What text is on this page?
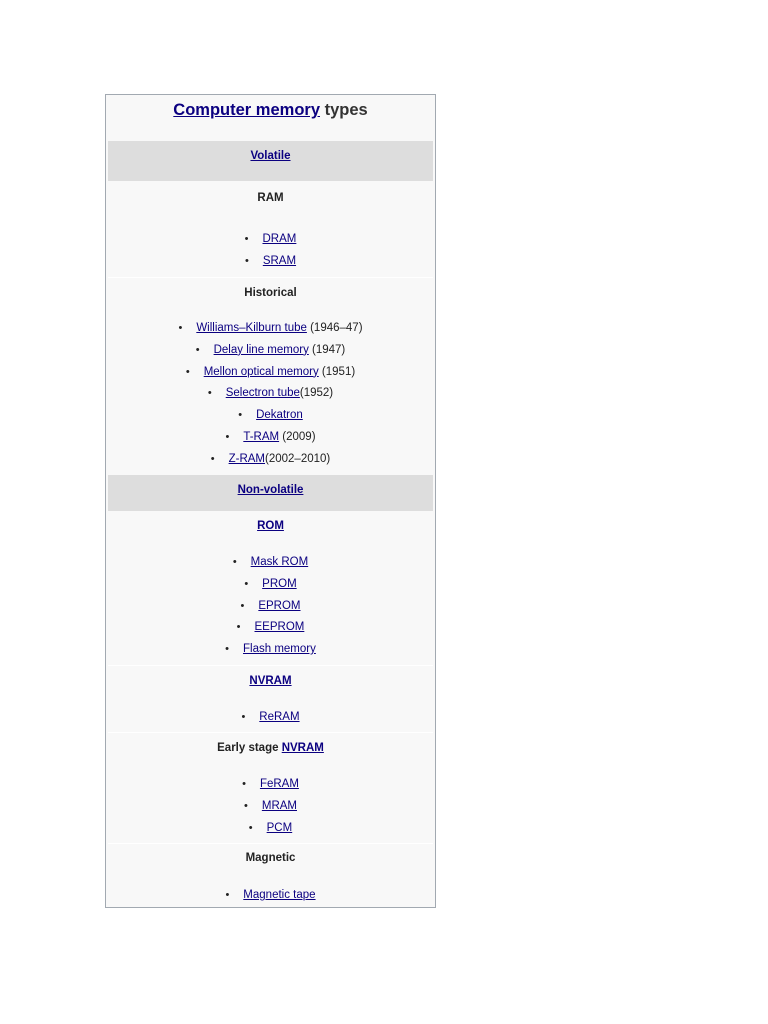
Computer memory types
Volatile
RAM
• DRAM
• SRAM
Historical
• Williams–Kilburn tube (1946–47)
• Delay line memory (1947)
• Mellon optical memory (1951)
• Selectron tube(1952)
• Dekatron
• T-RAM (2009)
• Z-RAM(2002–2010)
Non-volatile
ROM
• Mask ROM
• PROM
• EPROM
• EEPROM
• Flash memory
NVRAM
• ReRAM
Early stage NVRAM
• FeRAM
• MRAM
• PCM
Magnetic
• Magnetic tape
